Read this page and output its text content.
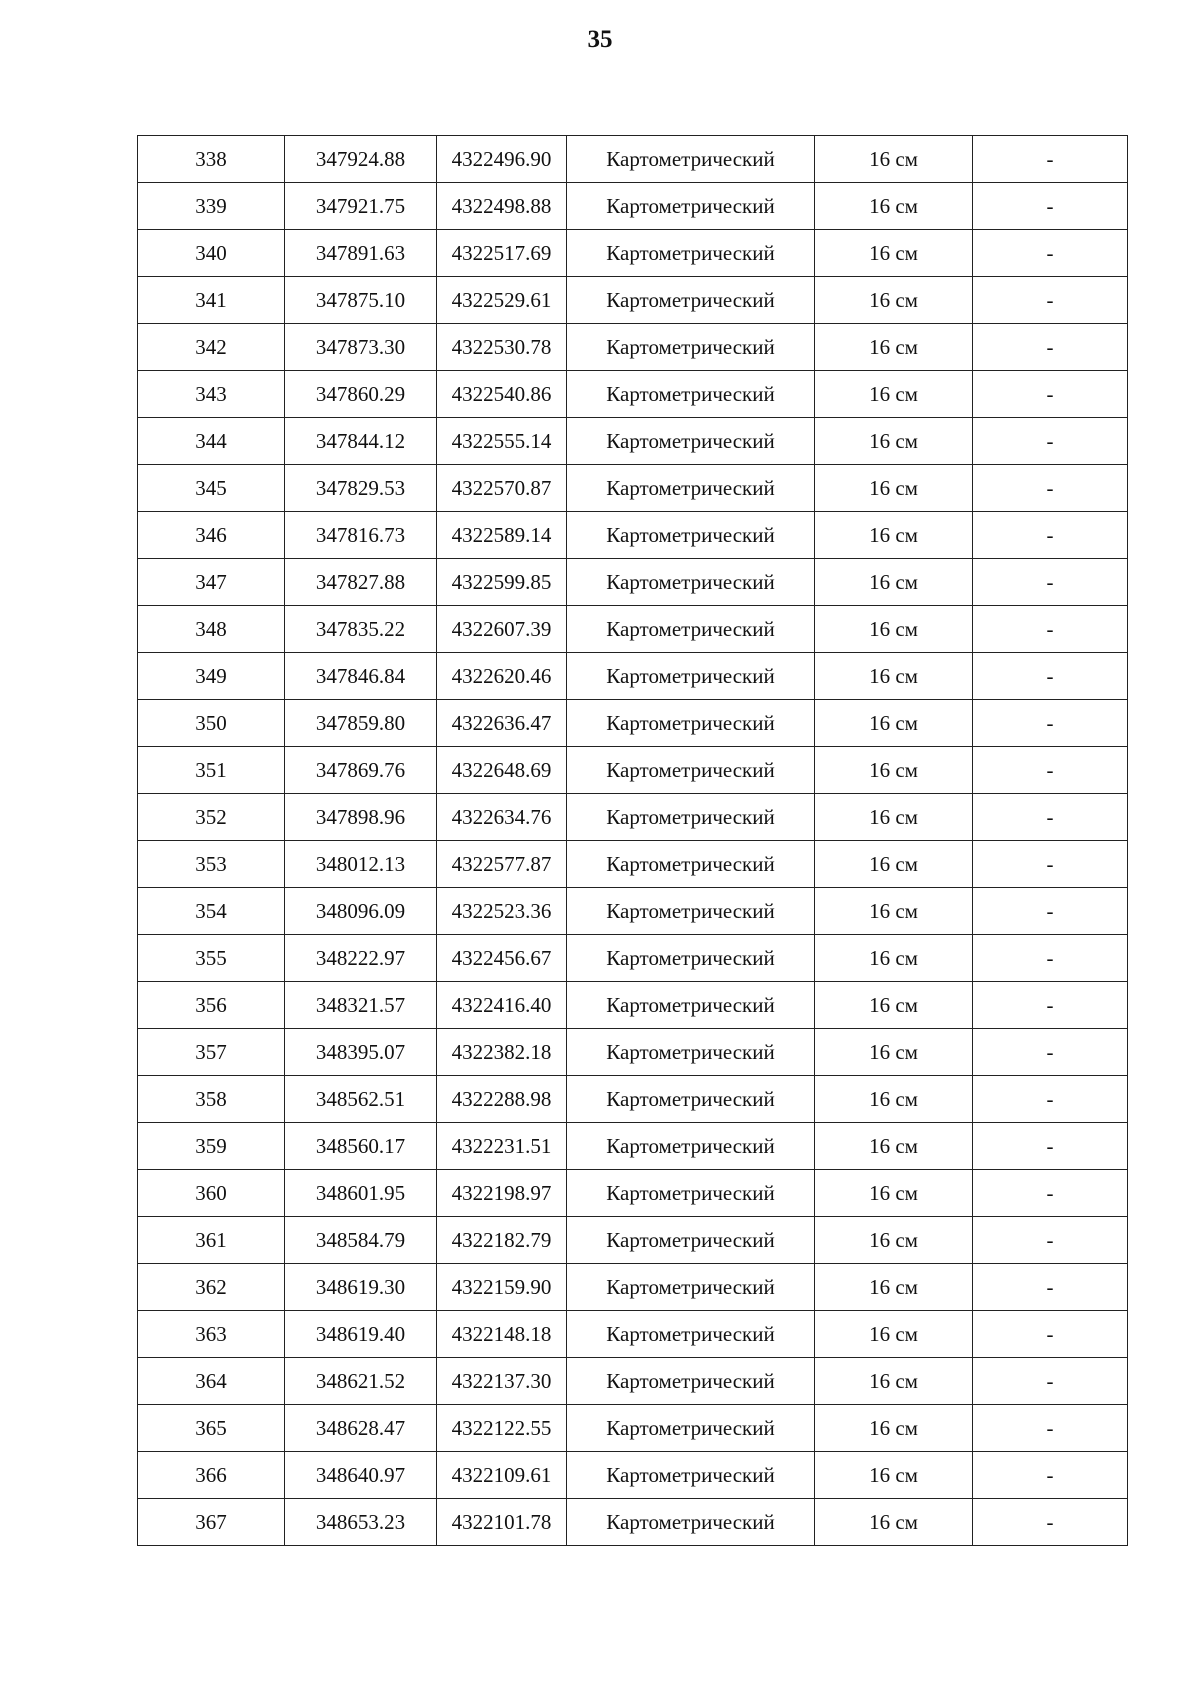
35
338	347924.88	4322496.90	Картометрический	16 см	-
339	347921.75	4322498.88	Картометрический	16 см	-
340	347891.63	4322517.69	Картометрический	16 см	-
341	347875.10	4322529.61	Картометрический	16 см	-
342	347873.30	4322530.78	Картометрический	16 см	-
343	347860.29	4322540.86	Картометрический	16 см	-
344	347844.12	4322555.14	Картометрический	16 см	-
345	347829.53	4322570.87	Картометрический	16 см	-
346	347816.73	4322589.14	Картометрический	16 см	-
347	347827.88	4322599.85	Картометрический	16 см	-
348	347835.22	4322607.39	Картометрический	16 см	-
349	347846.84	4322620.46	Картометрический	16 см	-
350	347859.80	4322636.47	Картометрический	16 см	-
351	347869.76	4322648.69	Картометрический	16 см	-
352	347898.96	4322634.76	Картометрический	16 см	-
353	348012.13	4322577.87	Картометрический	16 см	-
354	348096.09	4322523.36	Картометрический	16 см	-
355	348222.97	4322456.67	Картометрический	16 см	-
356	348321.57	4322416.40	Картометрический	16 см	-
357	348395.07	4322382.18	Картометрический	16 см	-
358	348562.51	4322288.98	Картометрический	16 см	-
359	348560.17	4322231.51	Картометрический	16 см	-
360	348601.95	4322198.97	Картометрический	16 см	-
361	348584.79	4322182.79	Картометрический	16 см	-
362	348619.30	4322159.90	Картометрический	16 см	-
363	348619.40	4322148.18	Картометрический	16 см	-
364	348621.52	4322137.30	Картометрический	16 см	-
365	348628.47	4322122.55	Картометрический	16 см	-
366	348640.97	4322109.61	Картометрический	16 см	-
367	348653.23	4322101.78	Картометрический	16 см	-
